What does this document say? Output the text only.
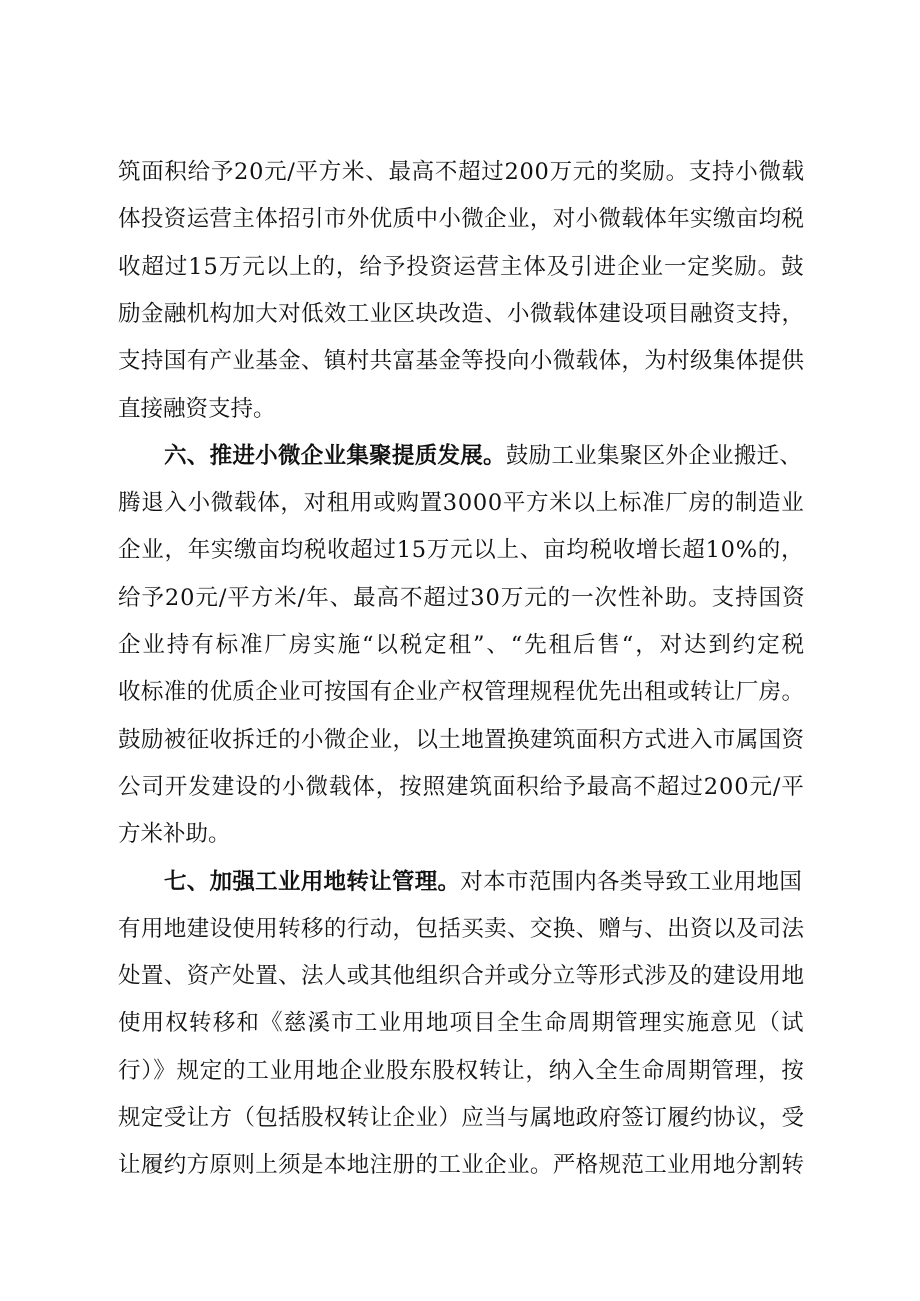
筑面积给予20元/平方米、最高不超过200万元的奖励。支持小微载
体投资运营主体招引市外优质中小微企业，对小微载体年实缴亩均税
收超过15万元以上的，给予投资运营主体及引进企业一定奖励。鼓
励金融机构加大对低效工业区块改造、小微载体建设项目融资支持，
支持国有产业基金、镇村共富基金等投向小微载体，为村级集体提供
直接融资支持。
六、推进小微企业集聚提质发展。鼓励工业集聚区外企业搬迁、
腾退入小微载体，对租用或购置3000平方米以上标准厂房的制造业
企业，年实缴亩均税收超过15万元以上、亩均税收增长超10%的，
给予20元/平方米/年、最高不超过30万元的一次性补助。支持国资
企业持有标准厂房实施“以税定租”、“先租后售“，对达到约定税
收标准的优质企业可按国有企业产权管理规程优先出租或转让厂房。
鼓励被征收拆迁的小微企业，以土地置换建筑面积方式进入市属国资
公司开发建设的小微载体，按照建筑面积给予最高不超过200元/平
方米补助。
七、加强工业用地转让管理。对本市范围内各类导致工业用地国
有用地建设使用转移的行动，包括买卖、交换、赠与、出资以及司法
处置、资产处置、法人或其他组织合并或分立等形式涉及的建设用地
使用权转移和《慈溪市工业用地项目全生命周期管理实施意见（试
行）》规定的工业用地企业股东股权转让，纳入全生命周期管理，按
规定受让方（包括股权转让企业）应当与属地政府签订履约协议，受
让履约方原则上须是本地注册的工业企业。严格规范工业用地分割转
